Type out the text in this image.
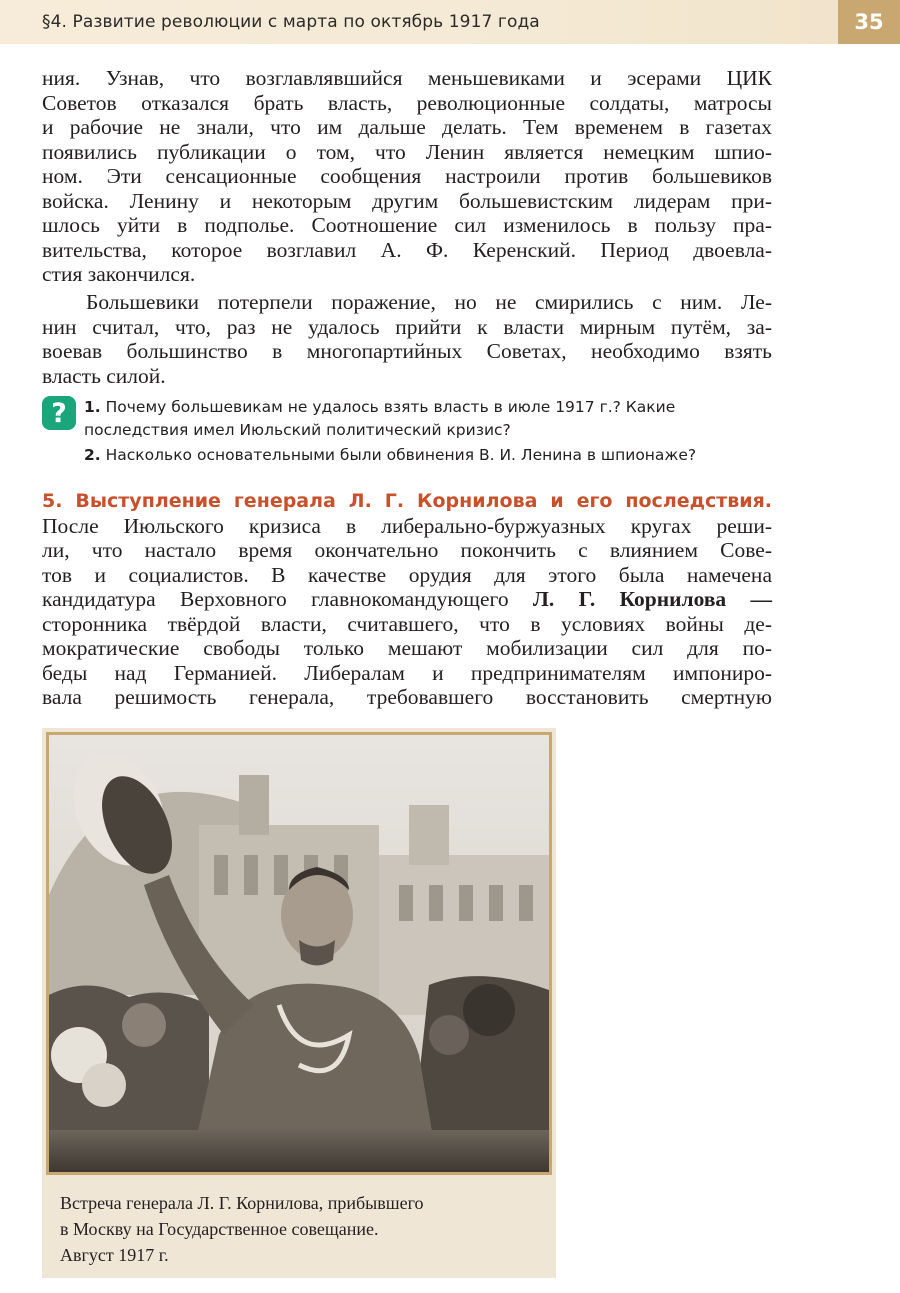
§4. Развитие революции с марта по октябрь 1917 года	35
ния. Узнав, что возглавлявшийся меньшевиками и эсерами ЦИК
Советов отказался брать власть, революционные солдаты, матросы
и рабочие не знали, что им дальше делать. Тем временем в газетах
появились публикации о том, что Ленин является немецким шпио-
ном. Эти сенсационные сообщения настроили против большевиков
войска. Ленину и некоторым другим большевистским лидерам при-
шлось уйти в подполье. Соотношение сил изменилось в пользу пра-
вительства, которое возглавил А. Ф. Керенский. Период двоевла-
стия закончился.
Большевики потерпели поражение, но не смирились с ним. Ле-
нин считал, что, раз не удалось прийти к власти мирным путём, за-
воевав большинство в многопартийных Советах, необходимо взять
власть силой.
?	1. Почему большевикам не удалось взять власть в июле 1917 г.? Какие
последствия имел Июльский политический кризис?
2. Насколько основательными были обвинения В. И. Ленина в шпионаже?
5. Выступление генерала Л. Г. Корнилова и его последствия.
После Июльского кризиса в либерально-буржуазных кругах реши-
ли, что настало время окончательно покончить с влиянием Сове-
тов и социалистов. В качестве орудия для этого была намечена
кандидатура Верховного главнокомандующего Л. Г. Корнилова —
сторонника твёрдой власти, считавшего, что в условиях войны де-
мократические свободы только мешают мобилизации сил для по-
беды над Германией. Либералам и предпринимателям импониро-
вала решимость генерала, требовавшего восстановить смертную
Встреча генерала Л. Г. Корнилова, прибывшего
в Москву на Государственное совещание.
Август 1917 г.
